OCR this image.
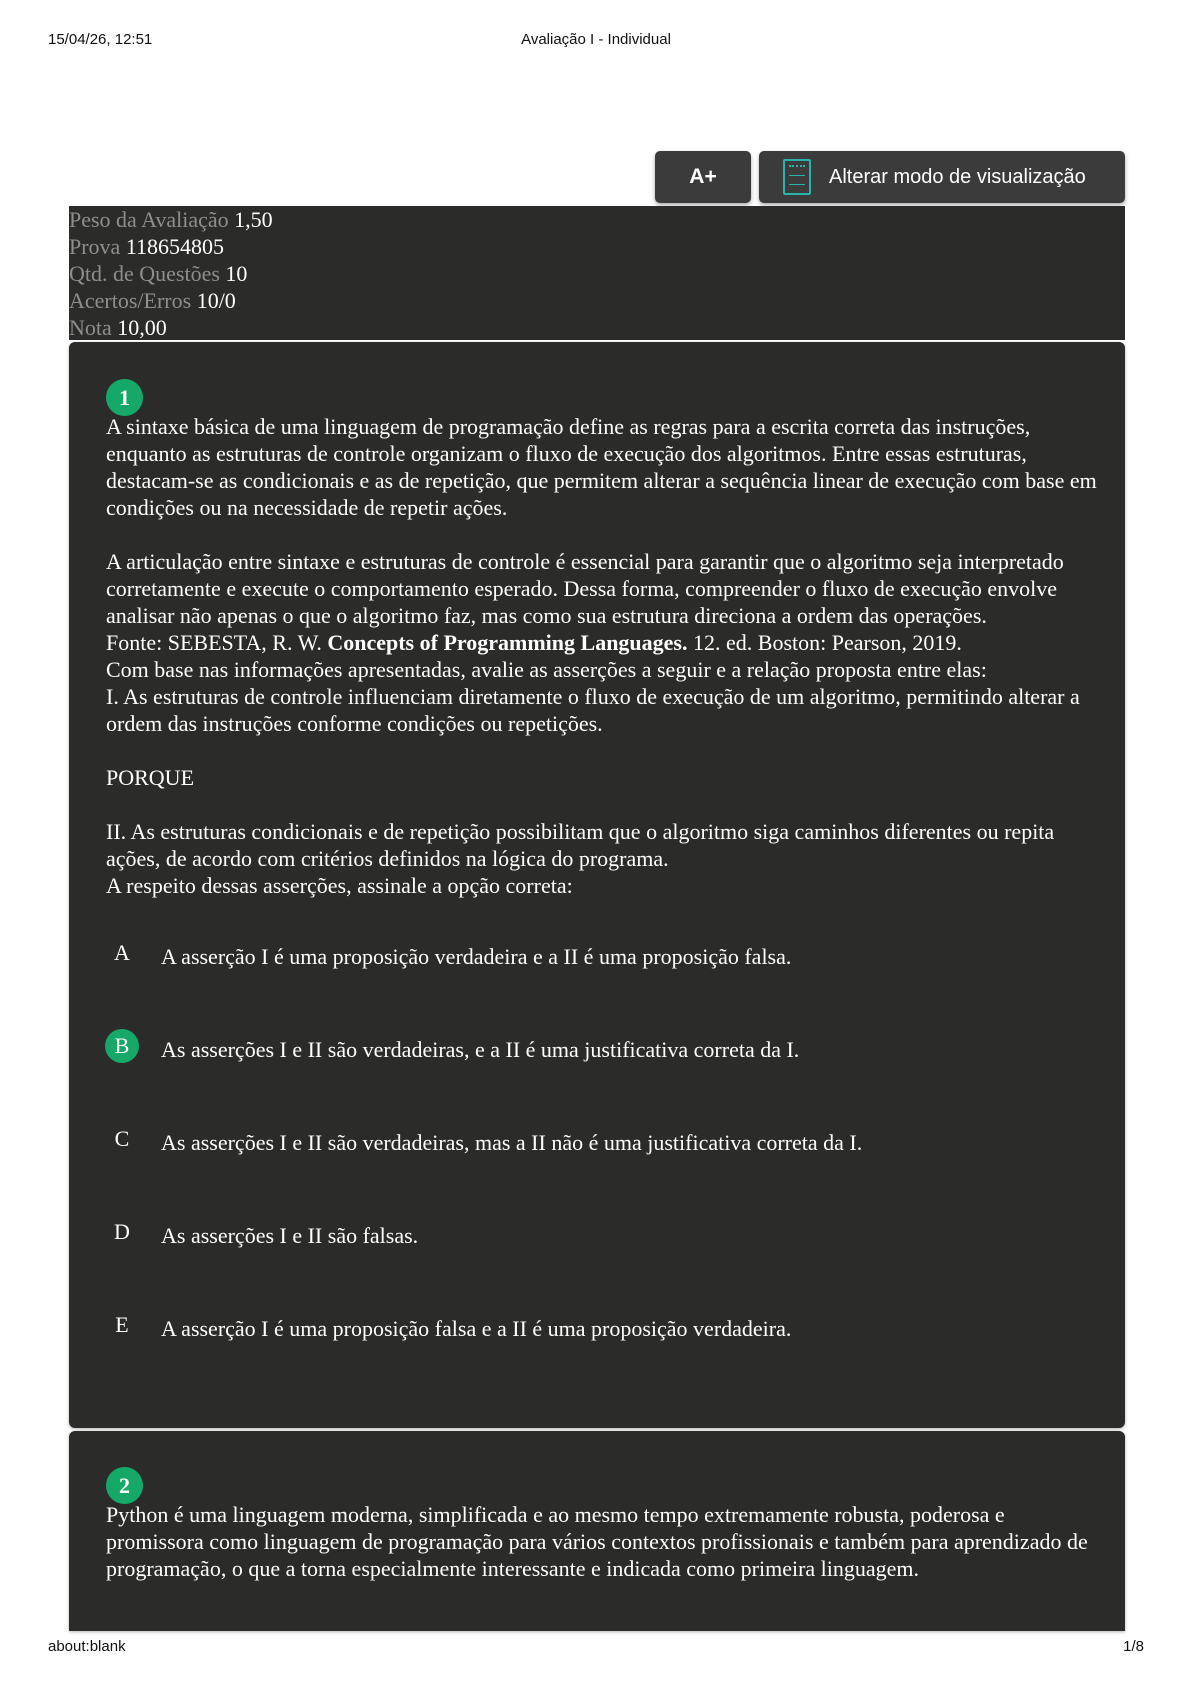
15/04/26, 12:51	Avaliação I - Individual
A+	Alterar modo de visualização
Peso da Avaliação 1,50
Prova 118654805
Qtd. de Questões 10
Acertos/Erros 10/0
Nota 10,00
1

A sintaxe básica de uma linguagem de programação define as regras para a escrita correta das instruções, enquanto as estruturas de controle organizam o fluxo de execução dos algoritmos. Entre essas estruturas, destacam-se as condicionais e as de repetição, que permitem alterar a sequência linear de execução com base em condições ou na necessidade de repetir ações.

A articulação entre sintaxe e estruturas de controle é essencial para garantir que o algoritmo seja interpretado corretamente e execute o comportamento esperado. Dessa forma, compreender o fluxo de execução envolve analisar não apenas o que o algoritmo faz, mas como sua estrutura direciona a ordem das operações.

Fonte: SEBESTA, R. W. Concepts of Programming Languages. 12. ed. Boston: Pearson, 2019.

Com base nas informações apresentadas, avalie as asserções a seguir e a relação proposta entre elas:

I. As estruturas de controle influenciam diretamente o fluxo de execução de um algoritmo, permitindo alterar a ordem das instruções conforme condições ou repetições.

PORQUE

II. As estruturas condicionais e de repetição possibilitam que o algoritmo siga caminhos diferentes ou repita ações, de acordo com critérios definidos na lógica do programa.

A respeito dessas asserções, assinale a opção correta:

A	A asserção I é uma proposição verdadeira e a II é uma proposição falsa.
B	As asserções I e II são verdadeiras, e a II é uma justificativa correta da I.
C	As asserções I e II são verdadeiras, mas a II não é uma justificativa correta da I.
D	As asserções I e II são falsas.
E	A asserção I é uma proposição falsa e a II é uma proposição verdadeira.
2

Python é uma linguagem moderna, simplificada e ao mesmo tempo extremamente robusta, poderosa e promissora como linguagem de programação para vários contextos profissionais e também para aprendizado de programação, o que a torna especialmente interessante e indicada como primeira linguagem.

about:blank	1/8
